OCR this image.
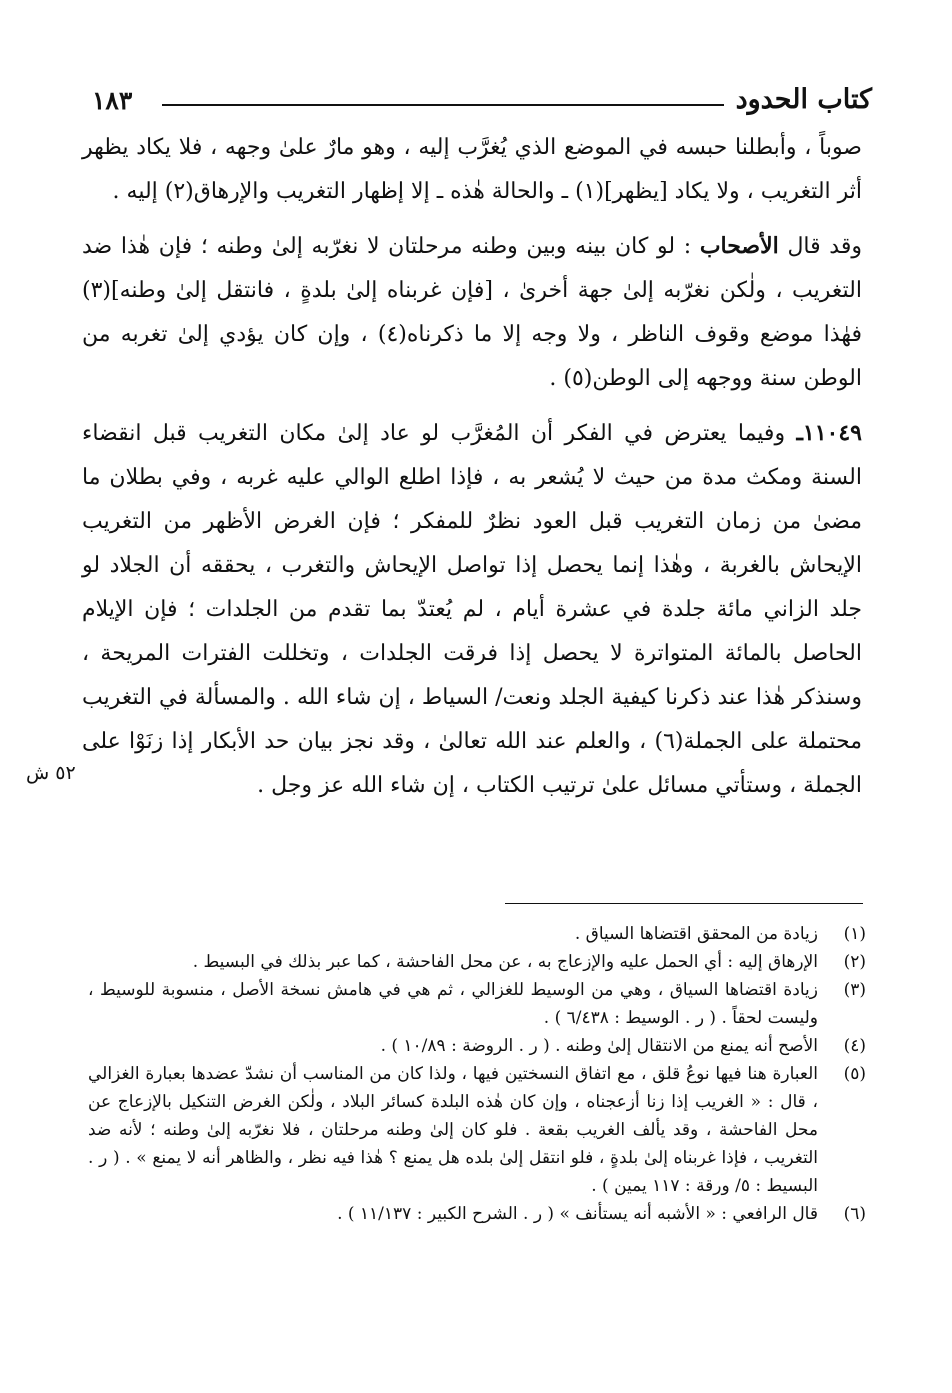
كتاب الحدود
١٨٣

صوباً ، وأبطلنا حبسه في الموضع الذي يُغرَّب إليه ، وهو مارٌ علىٰ وجهه ، فلا يكاد يظهر أثر التغريب ، ولا يكاد [يظهر](١) ـ والحالة هٰذه ـ إلا إظهار التغريب والإرهاق(٢) إليه .

وقد قال الأصحاب : لو كان بينه وبين وطنه مرحلتان لا نغرّبه إلىٰ وطنه ؛ فإن هٰذا ضد التغريب ، ولٰكن نغرّبه إلىٰ جهة أخرىٰ ، [فإن غربناه إلىٰ بلدةٍ ، فانتقل إلىٰ وطنه](٣) فهٰذا موضع وقوف الناظر ، ولا وجه إلا ما ذكرناه(٤) ، وإن كان يؤدي إلىٰ تغربه من الوطن سنة ووجهه إلى الوطن(٥) .

١١٠٤٩ـ وفيما يعترض في الفكر أن المُغرَّب لو عاد إلىٰ مكان التغريب قبل انقضاء السنة ومكث مدة من حيث لا يُشعر به ، فإذا اطلع الوالي عليه غربه ، وفي بطلان ما مضىٰ من زمان التغريب قبل العود نظرٌ للمفكر ؛ فإن الغرض الأظهر من التغريب الإيحاش بالغربة ، وهٰذا إنما يحصل إذا تواصل الإيحاش والتغرب ، يحققه أن الجلاد لو جلد الزاني مائة جلدة في عشرة أيام ، لم يُعتدّ بما تقدم من الجلدات ؛ فإن الإيلام الحاصل بالمائة المتواترة لا يحصل إذا فرقت الجلدات ، وتخللت الفترات المريحة ، وسنذكر هٰذا عند ذكرنا كيفية الجلد ونعت/ السياط ، إن شاء الله . والمسألة في التغريب محتملة على الجملة(٦) ، والعلم عند الله تعالىٰ ، وقد نجز بيان حد الأبكار إذا زنَوْا على الجملة ، وستأتي مسائل علىٰ ترتيب الكتاب ، إن شاء الله عز وجل .

٥٢ ش
(١)
زيادة من المحقق اقتضاها السياق .
(٢)
الإرهاق إليه : أي الحمل عليه والإزعاج به ، عن محل الفاحشة ، كما عبر بذلك في البسيط .
(٣)
زيادة اقتضاها السياق ، وهي من الوسيط للغزالي ، ثم هي في هامش نسخة الأصل ، منسوبة للوسيط ، وليست لحقاً . ( ر . الوسيط : ٦/٤٣٨ ) .
(٤)
الأصح أنه يمنع من الانتقال إلىٰ وطنه . ( ر . الروضة : ١٠/٨٩ ) .
(٥)
العبارة هنا فيها نوعُ قلق ، مع اتفاق النسختين فيها ، ولذا كان من المناسب أن نشدّ عضدها بعبارة الغزالي ، قال : « الغريب إذا زنا أزعجناه ، وإن كان هٰذه البلدة كسائر البلاد ، ولٰكن الغرض التنكيل بالإزعاج عن محل الفاحشة ، وقد يألف الغريب بقعة . فلو كان إلىٰ وطنه مرحلتان ، فلا نغرّبه إلىٰ وطنه ؛ لأنه ضد التغريب ، فإذا غربناه إلىٰ بلدةٍ ، فلو انتقل إلىٰ بلده هل يمنع ؟ هٰذا فيه نظر ، والظاهر أنه لا يمنع » . ( ر . البسيط : ٥/ ورقة : ١١٧ يمين ) .
(٦)
قال الرافعي : « الأشبه أنه يستأنف » ( ر . الشرح الكبير : ١١/١٣٧ ) .
